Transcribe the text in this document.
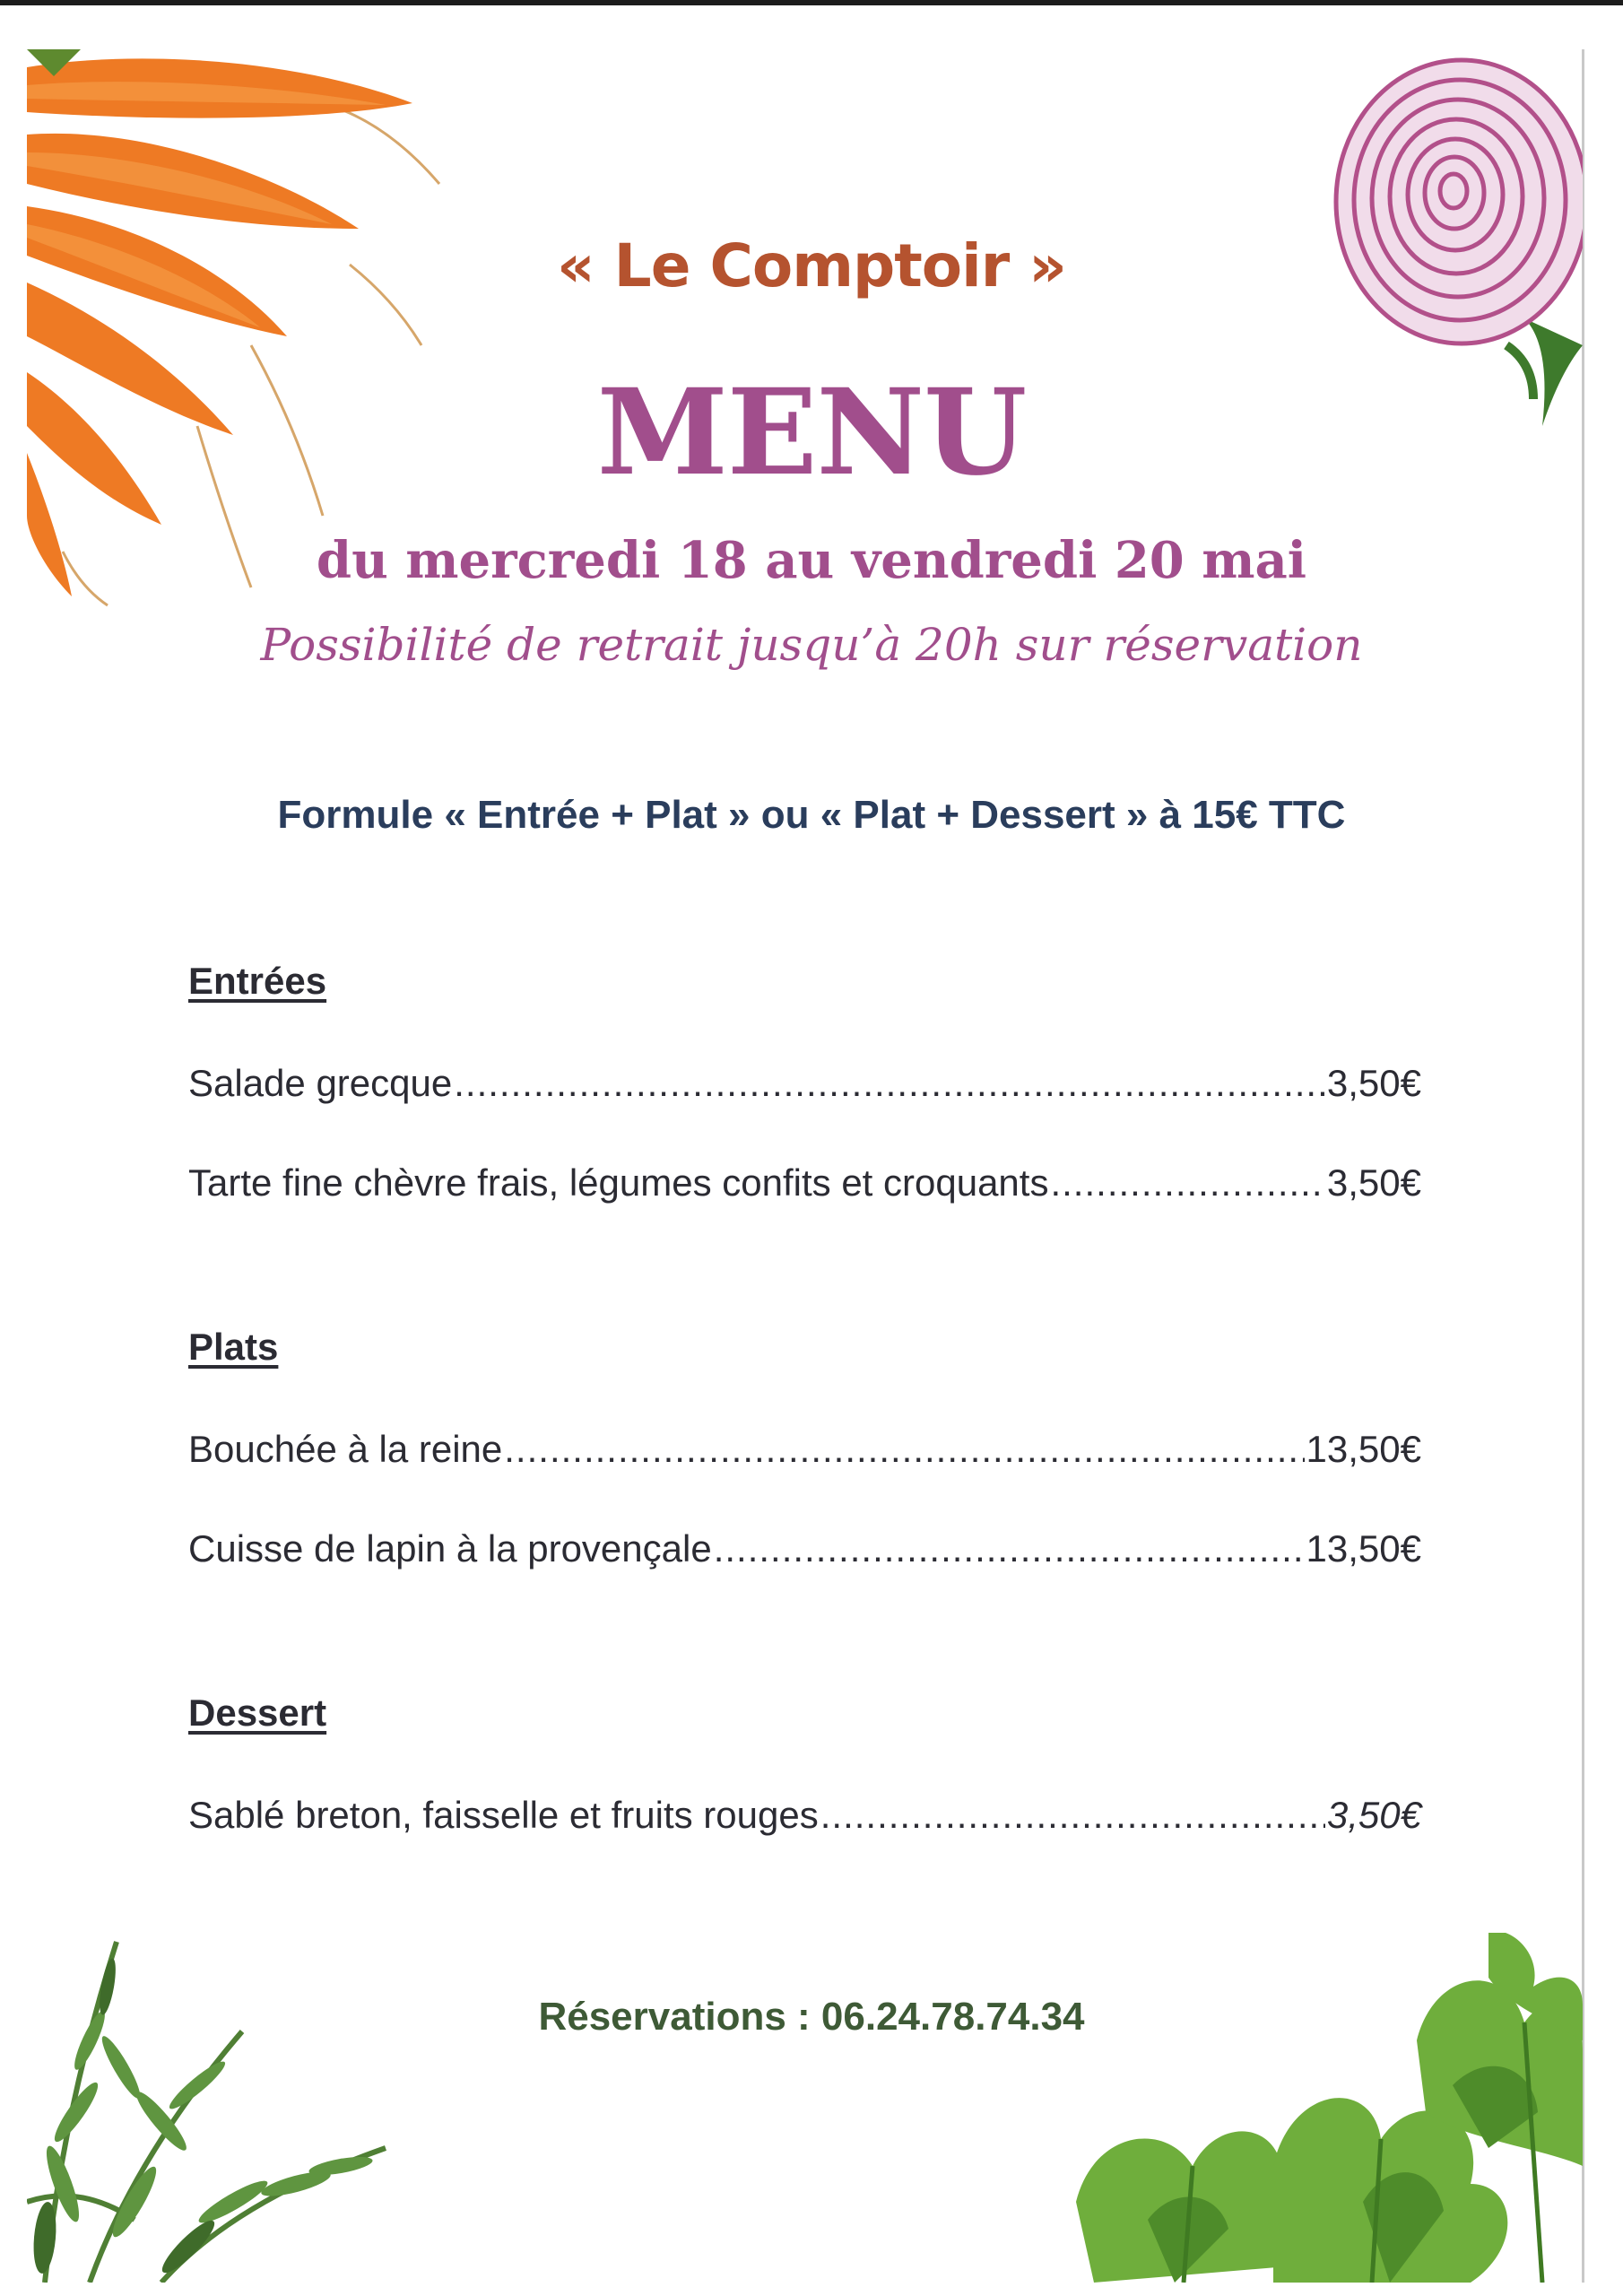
« Le Comptoir »
MENU
du mercredi 18 au vendredi 20 mai
Possibilité de retrait jusqu’à 20h sur réservation
Formule « Entrée + Plat » ou « Plat + Dessert » à 15€ TTC
Entrées
Salade grecque .....	3,50€
Tarte fine chèvre frais, légumes confits et croquants .....	3,50€
Plats
Bouchée à la reine .....	13,50€
Cuisse de lapin à la provençale .....	13,50€
Dessert
Sablé breton, faisselle et fruits rouges .....	3,50€
Réservations : 06.24.78.74.34
